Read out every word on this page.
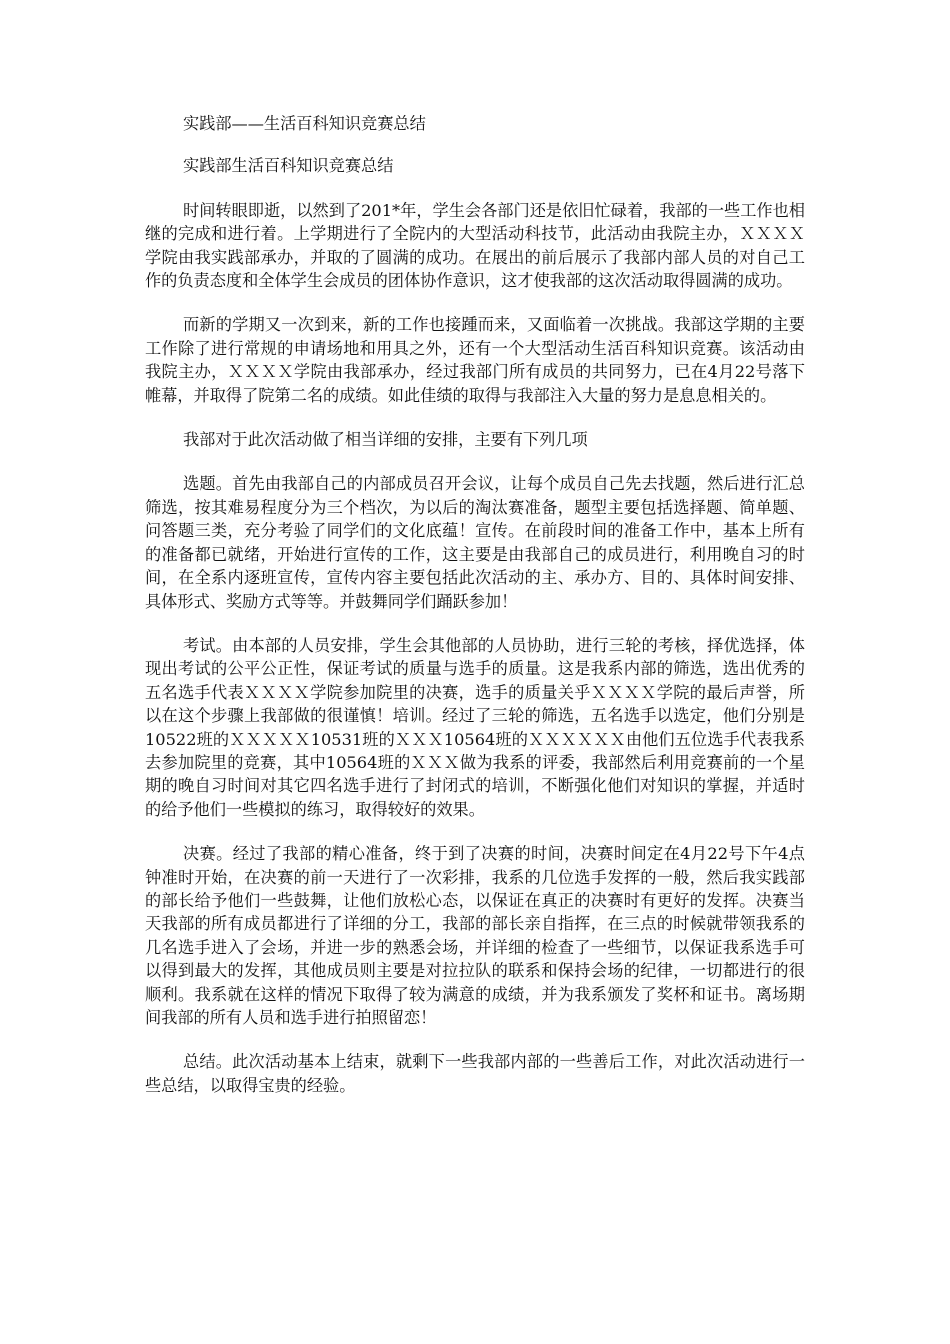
实践部——生活百科知识竞赛总结

实践部生活百科知识竞赛总结

时间转眼即逝，以然到了201*年，学生会各部门还是依旧忙碌着，我部的一些工作也相继的完成和进行着。上学期进行了全院内的大型活动科技节，此活动由我院主办，ＸＸＸＸ学院由我实践部承办，并取的了圆满的成功。在展出的前后展示了我部内部人员的对自己工作的负责态度和全体学生会成员的团体协作意识，这才使我部的这次活动取得圆满的成功。

而新的学期又一次到来，新的工作也接踵而来，又面临着一次挑战。我部这学期的主要工作除了进行常规的申请场地和用具之外，还有一个大型活动生活百科知识竞赛。该活动由我院主办，ＸＸＸＸ学院由我部承办，经过我部门所有成员的共同努力，已在4月22号落下帷幕，并取得了院第二名的成绩。如此佳绩的取得与我部注入大量的努力是息息相关的。

我部对于此次活动做了相当详细的安排，主要有下列几项

选题。首先由我部自己的内部成员召开会议，让每个成员自己先去找题，然后进行汇总筛选，按其难易程度分为三个档次，为以后的淘汰赛准备，题型主要包括选择题、简单题、问答题三类，充分考验了同学们的文化底蕴！宣传。在前段时间的准备工作中，基本上所有的准备都已就绪，开始进行宣传的工作，这主要是由我部自己的成员进行，利用晚自习的时间，在全系内逐班宣传，宣传内容主要包括此次活动的主、承办方、目的、具体时间安排、具体形式、奖励方式等等。并鼓舞同学们踊跃参加！

考试。由本部的人员安排，学生会其他部的人员协助，进行三轮的考核，择优选择，体现出考试的公平公正性，保证考试的质量与选手的质量。这是我系内部的筛选，选出优秀的五名选手代表ＸＸＸＸ学院参加院里的决赛，选手的质量关乎ＸＸＸＸ学院的最后声誉，所以在这个步骤上我部做的很谨慎！培训。经过了三轮的筛选，五名选手以选定，他们分别是10522班的ＸＸＸＸＸ10531班的ＸＸＸ10564班的ＸＸＸＸＸＸ由他们五位选手代表我系去参加院里的竞赛，其中10564班的ＸＸＸ做为我系的评委，我部然后利用竞赛前的一个星期的晚自习时间对其它四名选手进行了封闭式的培训，不断强化他们对知识的掌握，并适时的给予他们一些模拟的练习，取得较好的效果。

决赛。经过了我部的精心准备，终于到了决赛的时间，决赛时间定在4月22号下午4点钟准时开始，在决赛的前一天进行了一次彩排，我系的几位选手发挥的一般，然后我实践部的部长给予他们一些鼓舞，让他们放松心态，以保证在真正的决赛时有更好的发挥。决赛当天我部的所有成员都进行了详细的分工，我部的部长亲自指挥，在三点的时候就带领我系的几名选手进入了会场，并进一步的熟悉会场，并详细的检查了一些细节，以保证我系选手可以得到最大的发挥，其他成员则主要是对拉拉队的联系和保持会场的纪律，一切都进行的很顺利。我系就在这样的情况下取得了较为满意的成绩，并为我系颁发了奖杯和证书。离场期间我部的所有人员和选手进行拍照留恋！

总结。此次活动基本上结束，就剩下一些我部内部的一些善后工作，对此次活动进行一些总结，以取得宝贵的经验。
